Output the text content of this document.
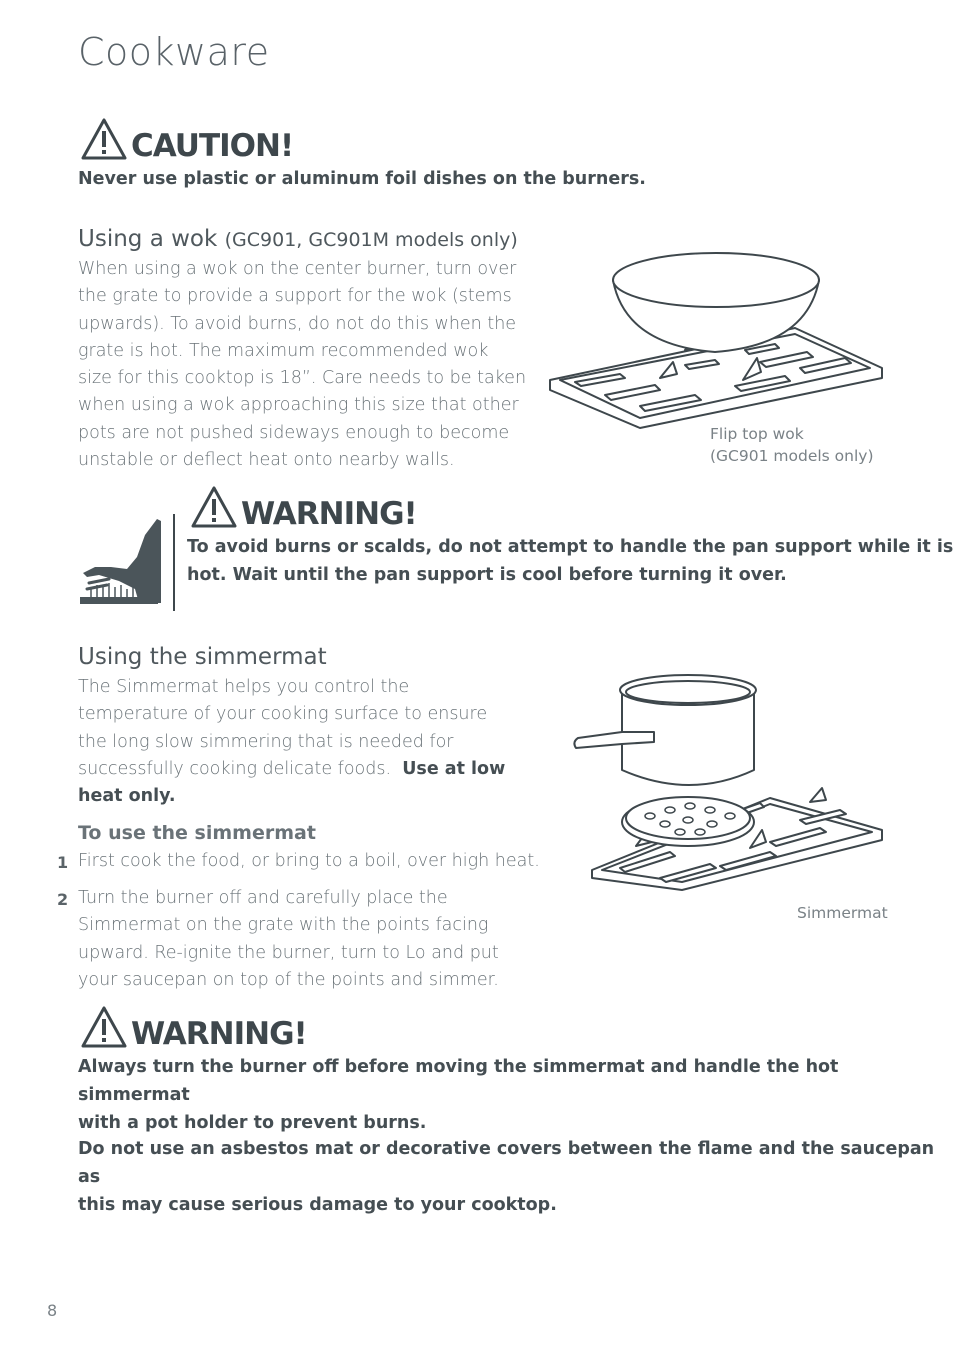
Cookware
CAUTION!
Never use plastic or aluminum foil dishes on the burners.
Using a wok (GC901, GC901M models only)
When using a wok on the center burner, turn over
the grate to provide a support for the wok (stems
upwards). To avoid burns, do not do this when the
grate is hot. The maximum recommended wok
size for this cooktop is 18”. Care needs to be taken
when using a wok approaching this size that other
pots are not pushed sideways enough to become
unstable or deflect heat onto nearby walls.
Flip top wok
(GC901 models only)
WARNING!
To avoid burns or scalds, do not attempt to handle the pan support while it is
hot. Wait until the pan support is cool before turning it over.
Using the simmermat
The Simmermat helps you control the
temperature of your cooking surface to ensure
the long slow simmering that is needed for
successfully cooking delicate foods. Use at low
heat only.
To use the simmermat
1 First cook the food, or bring to a boil, over high heat.
2 Turn the burner off and carefully place the
Simmermat on the grate with the points facing
upward. Re-ignite the burner, turn to Lo and put
your saucepan on top of the points and simmer.
Simmermat
WARNING!
Always turn the burner off before moving the simmermat and handle the hot simmermat
with a pot holder to prevent burns.
Do not use an asbestos mat or decorative covers between the flame and the saucepan as
this may cause serious damage to your cooktop.
8
